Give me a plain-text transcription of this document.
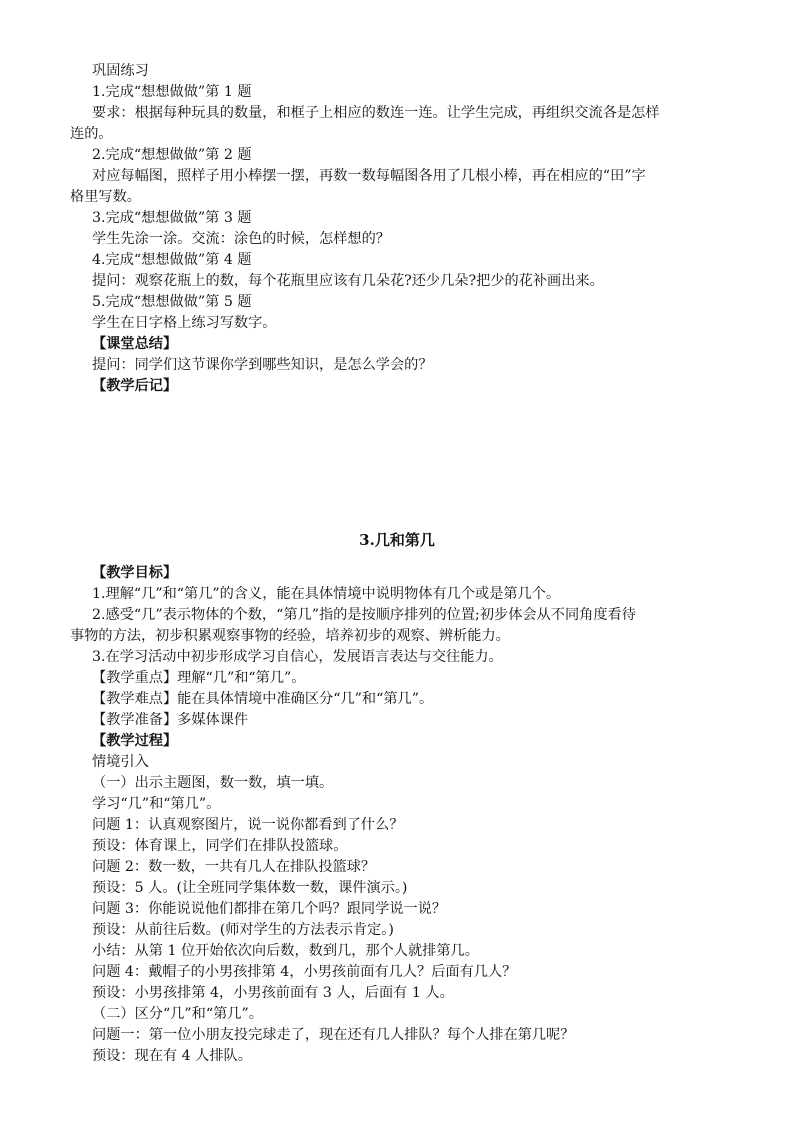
巩固练习
1.完成“想想做做”第 1 题
要求：根据每种玩具的数量，和框子上相应的数连一连。让学生完成，再组织交流各是怎样
连的。
2.完成“想想做做”第 2 题
对应每幅图，照样子用小棒摆一摆，再数一数每幅图各用了几根小棒，再在相应的“田”字
格里写数。
3.完成“想想做做”第 3 题
学生先涂一涂。交流：涂色的时候，怎样想的？
4.完成“想想做做”第 4 题
提问：观察花瓶上的数，每个花瓶里应该有几朵花?还少几朵?把少的花补画出来。
5.完成“想想做做”第 5 题
学生在日字格上练习写数字。
【课堂总结】
提问：同学们这节课你学到哪些知识，是怎么学会的？
【教学后记】
3.几和第几
【教学目标】
1.理解“几”和“第几”的含义，能在具体情境中说明物体有几个或是第几个。
2.感受“几”表示物体的个数，“第几”指的是按顺序排列的位置;初步体会从不同角度看待
事物的方法，初步积累观察事物的经验，培养初步的观察、辨析能力。
3.在学习活动中初步形成学习自信心，发展语言表达与交往能力。
【教学重点】理解“几”和“第几”。
【教学难点】能在具体情境中准确区分“几”和“第几”。
【教学准备】多媒体课件
【教学过程】
情境引入
（一）出示主题图，数一数，填一填。
学习“几”和“第几”。
问题 1：认真观察图片，说一说你都看到了什么？
预设：体育课上，同学们在排队投篮球。
问题 2：数一数，一共有几人在排队投篮球？
预设：5 人。(让全班同学集体数一数，课件演示。)
问题 3：你能说说他们都排在第几个吗？跟同学说一说？
预设：从前往后数。(师对学生的方法表示肯定。)
小结：从第 1 位开始依次向后数，数到几，那个人就排第几。
问题 4：戴帽子的小男孩排第 4，小男孩前面有几人？后面有几人？
预设：小男孩排第 4，小男孩前面有 3 人，后面有 1 人。
（二）区分“几”和“第几”。
问题一：第一位小朋友投完球走了，现在还有几人排队？每个人排在第几呢？
预设：现在有 4 人排队。
